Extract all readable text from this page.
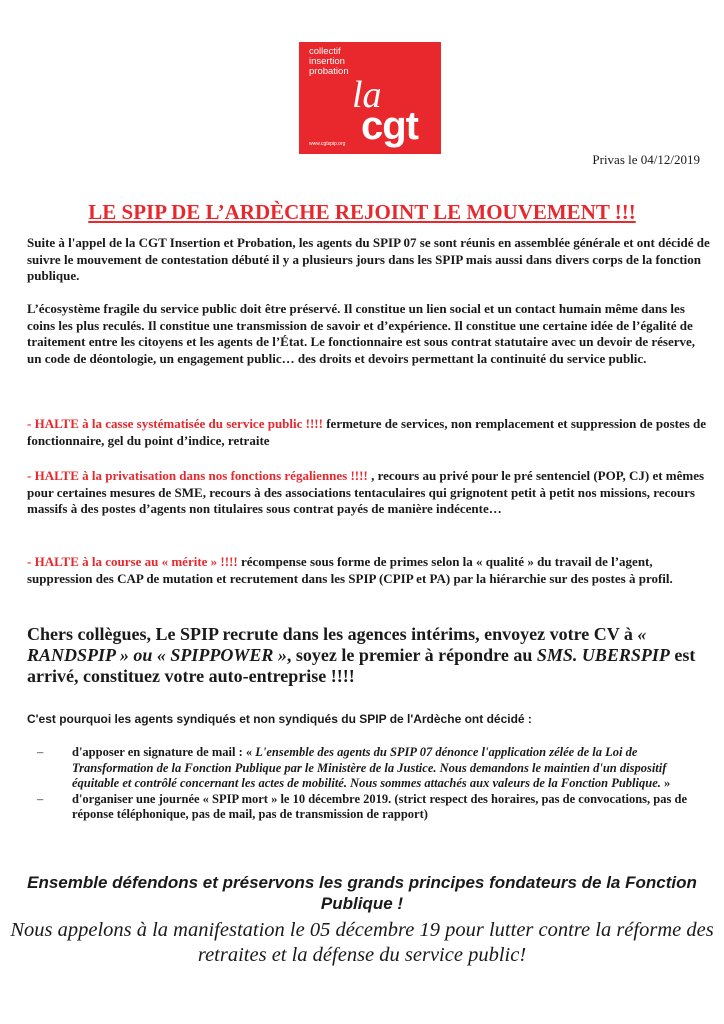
collectif
insertion
probation
la
cgt
www.cgtspip.org
Privas le 04/12/2019
LE SPIP DE L’ARDÈCHE REJOINT LE MOUVEMENT !!!

Suite à l'appel de la CGT Insertion et Probation, les agents du SPIP 07 se sont réunis en assemblée générale et ont décidé de suivre le mouvement de contestation débuté il y a plusieurs jours dans les SPIP mais aussi dans divers corps de la fonction publique.

L’écosystème fragile du service public doit être préservé. Il constitue un lien social et un contact humain même dans les coins les plus reculés. Il constitue une transmission de savoir et d’expérience. Il constitue une certaine idée de l’égalité de traitement entre les citoyens et les agents de l’État. Le fonctionnaire est sous contrat statutaire avec un devoir de réserve, un code de déontologie, un engagement public… des droits et devoirs permettant la continuité du service public.

- HALTE à la casse systématisée du service public !!!! fermeture de services, non remplacement et suppression de postes de fonctionnaire, gel du point d’indice, retraite

- HALTE à la privatisation dans nos fonctions régaliennes !!!! , recours au privé pour le pré sentenciel (POP, CJ) et mêmes pour certaines mesures de SME, recours à des associations tentaculaires qui grignotent petit à petit nos missions, recours massifs à des postes d’agents non titulaires sous contrat payés de manière indécente…

- HALTE à la course au « mérite » !!!! récompense sous forme de primes selon la « qualité » du travail de l’agent, suppression des CAP de mutation et recrutement dans les SPIP (CPIP et PA) par la hiérarchie sur des postes à profil.

Chers collègues, Le SPIP recrute dans les agences intérims, envoyez votre CV à « RANDSPIP » ou « SPIPPOWER », soyez le premier à répondre au SMS. UBERSPIP est arrivé, constituez votre auto-entreprise !!!!

C'est pourquoi les agents syndiqués et non syndiqués du SPIP de l'Ardèche ont décidé :
– d'apposer en signature de mail : « L'ensemble des agents du SPIP 07 dénonce l'application zélée de la Loi de Transformation de la Fonction Publique par le Ministère de la Justice. Nous demandons le maintien d'un dispositif équitable et contrôlé concernant les actes de mobilité. Nous sommes attachés aux valeurs de la Fonction Publique. »
– d'organiser une journée « SPIP mort » le 10 décembre 2019. (strict respect des horaires, pas de convocations, pas de réponse téléphonique, pas de mail, pas de transmission de rapport)
Ensemble défendons et préservons les grands principes fondateurs de la Fonction Publique !
Nous appelons à la manifestation le 05 décembre 19 pour lutter contre la réforme des retraites et la défense du service public!
